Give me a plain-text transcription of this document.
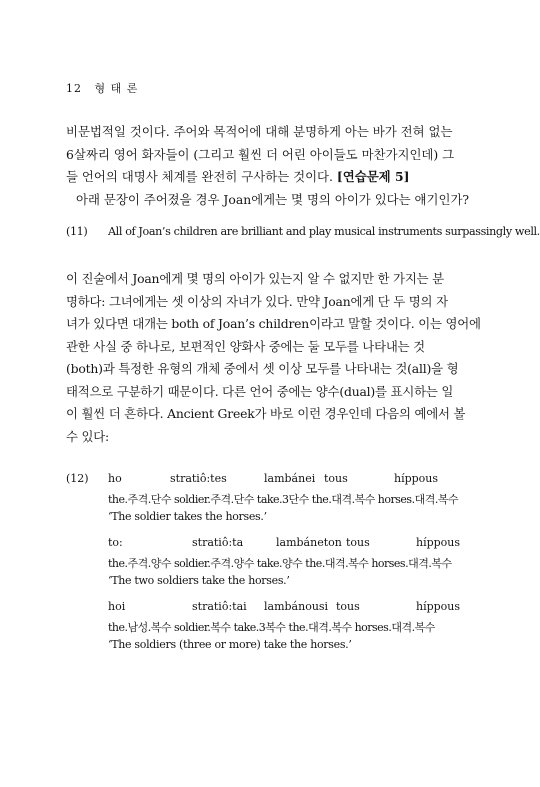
12 형 태 론
비문법적일 것이다. 주어와 목적어에 대해 분명하게 아는 바가 전혀 없는
6살짜리 영어 화자들이 (그리고 훨씬 더 어린 아이들도 마찬가지인데) 그
들 언어의 대명사 체계를 완전히 구사하는 것이다. [연습문제 5]
아래 문장이 주어졌을 경우 Joan에게는 몇 명의 아이가 있다는 얘기인가?
(11) All of Joan’s children are brilliant and play musical instruments surpassingly well.
이 진술에서 Joan에게 몇 명의 아이가 있는지 알 수 없지만 한 가지는 분
명하다: 그녀에게는 셋 이상의 자녀가 있다. 만약 Joan에게 단 두 명의 자
녀가 있다면 대개는 both of Joan’s children이라고 말할 것이다. 이는 영어에
관한 사실 중 하나로, 보편적인 양화사 중에는 둘 모두를 나타내는 것
(both)과 특정한 유형의 개체 중에서 셋 이상 모두를 나타내는 것(all)을 형
태적으로 구분하기 때문이다. 다른 언어 중에는 양수(dual)를 표시하는 일
이 훨씬 더 흔하다. Ancient Greek가 바로 이런 경우인데 다음의 예에서 볼
수 있다:
(12) ho	stratiô:tes	lambánei tous	híppous
the.주격.단수 soldier.주격.단수 take.3단수 the.대격.복수 horses.대격.복수
‘The soldier takes the horses.’
to:	stratiô:ta	lambáneton tous	híppous
the.주격.양수 soldier.주격.양수 take.양수 the.대격.복수 horses.대격.복수
‘The two soldiers take the horses.’
hoi	stratiô:tai lambánousi tous	híppous
the.남성.복수 soldier.복수 take.3복수 the.대격.복수 horses.대격.복수
‘The soldiers (three or more) take the horses.’
